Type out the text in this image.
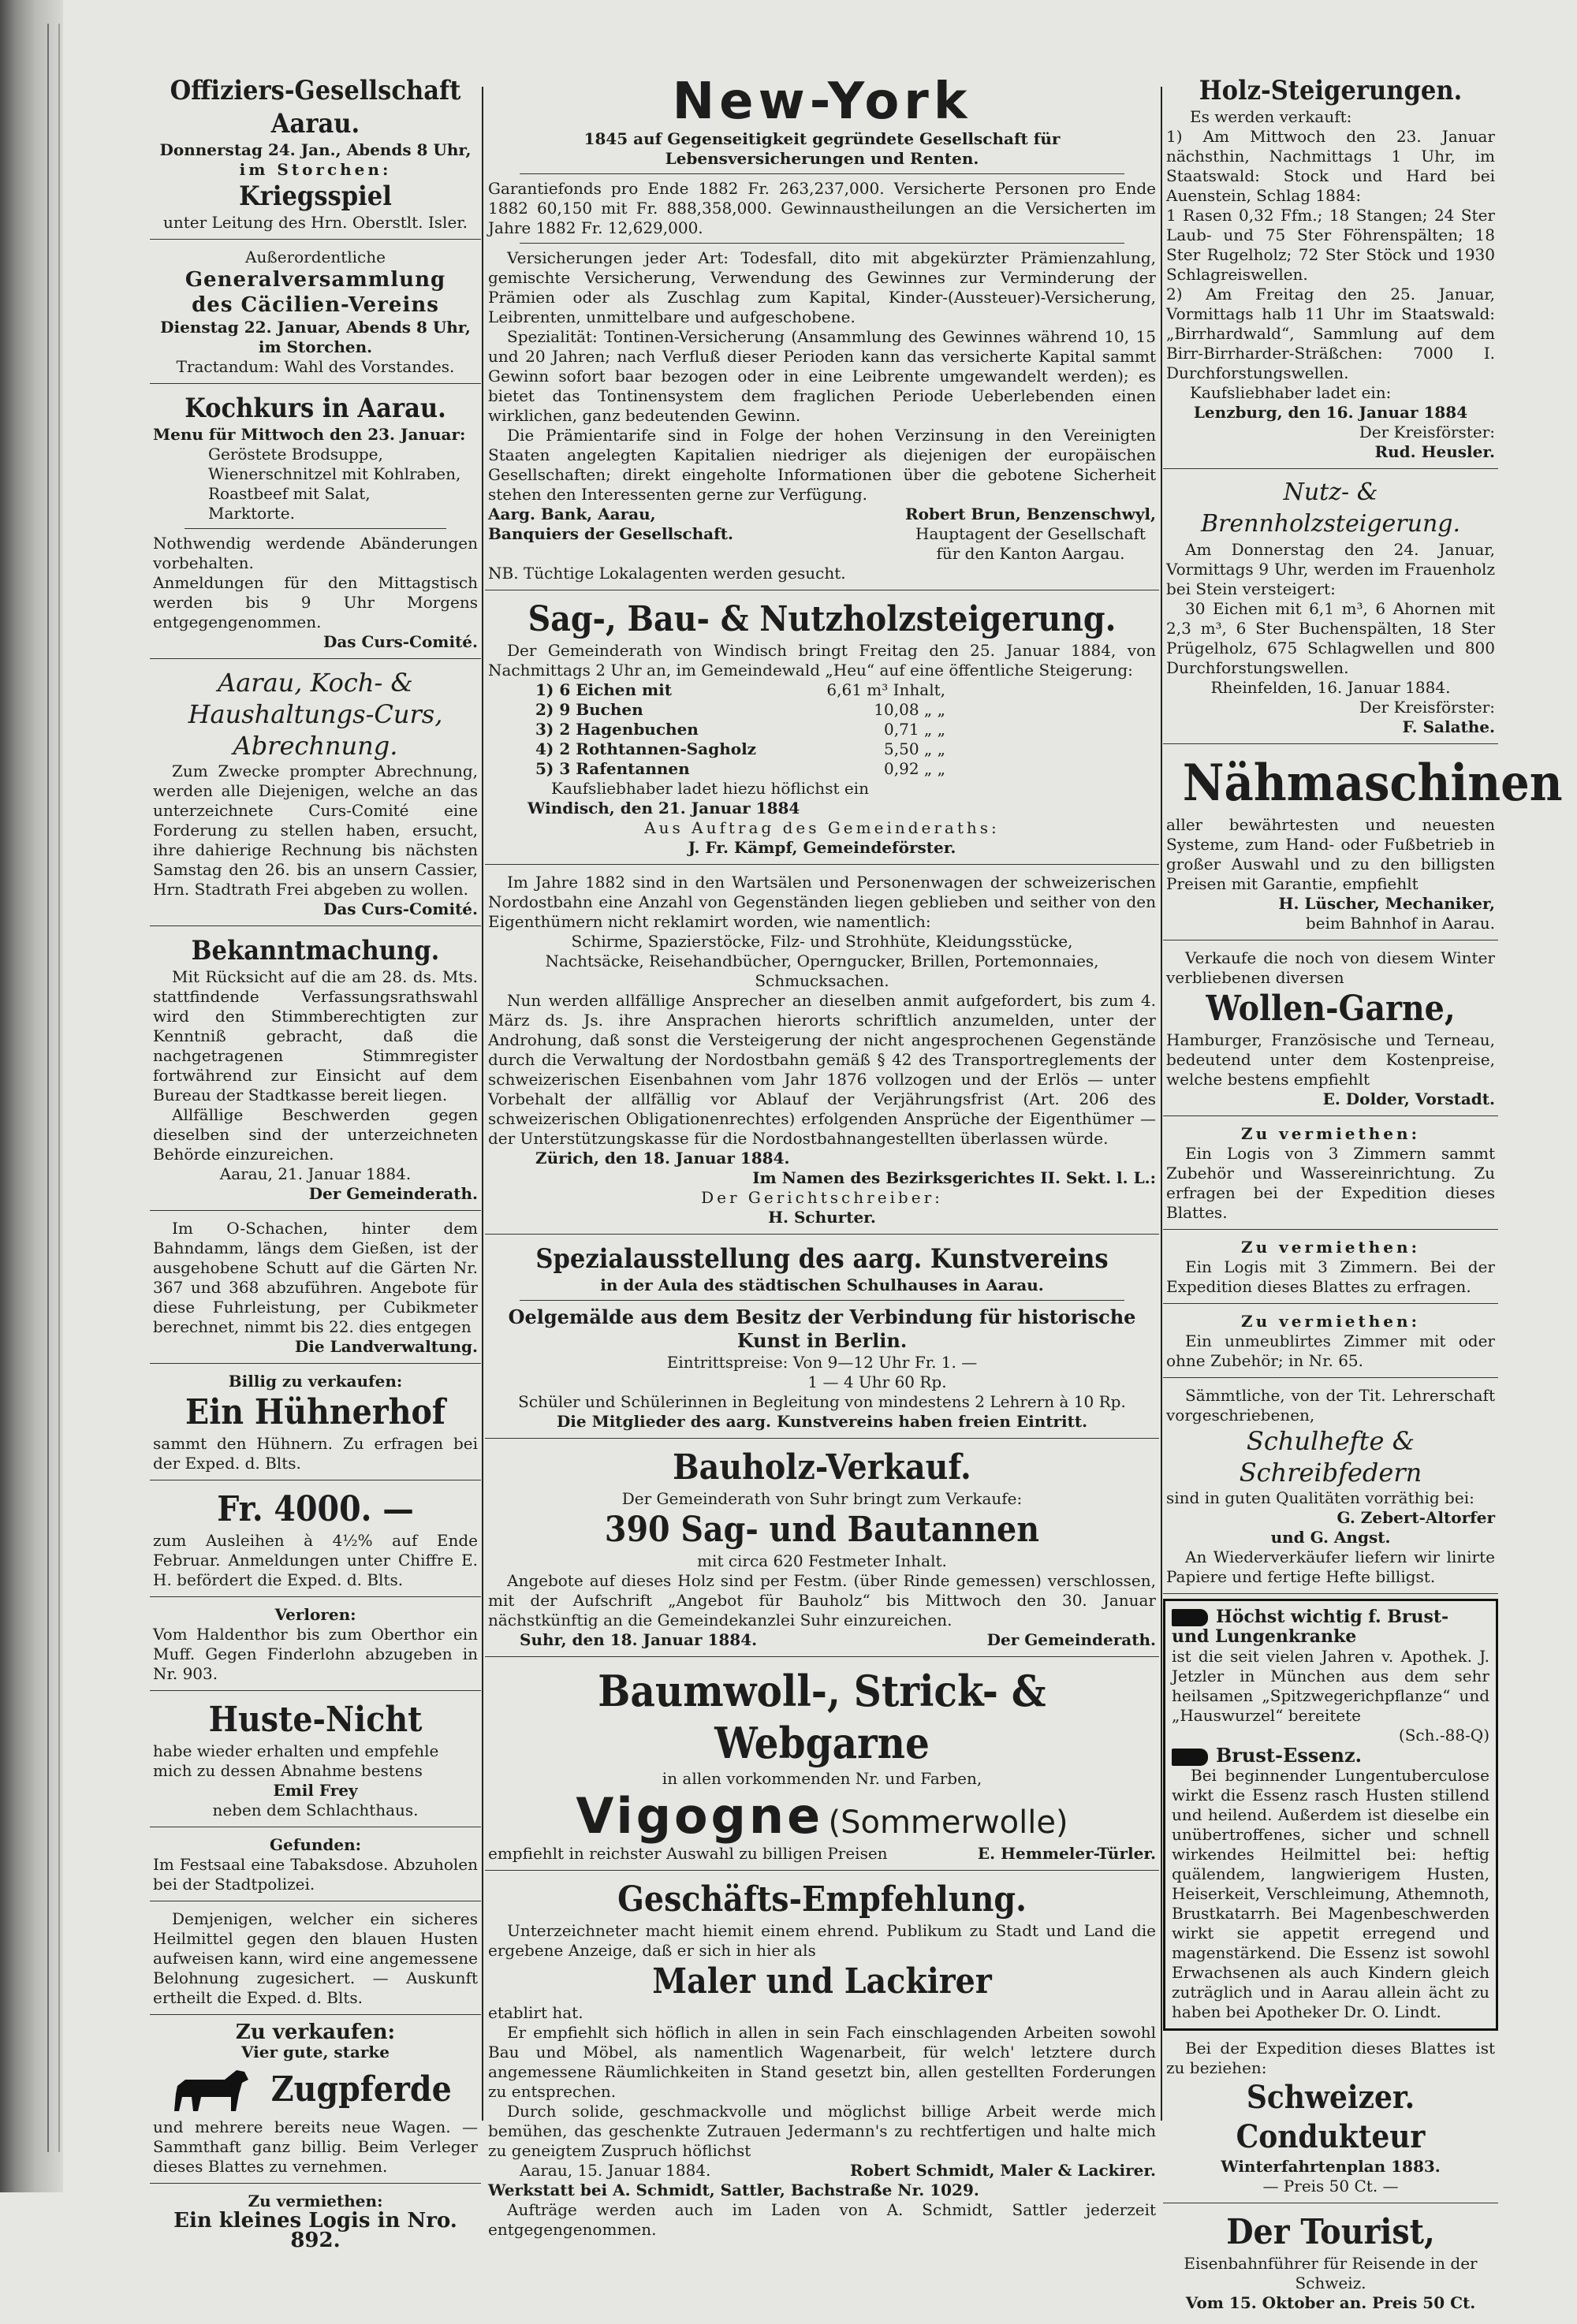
Offiziers-Gesellschaft Aarau.
Donnerstag 24. Jan., Abends 8 Uhr,
im Storchen:
Kriegsspiel
unter Leitung des Hrn. Oberstlt. Isler.
Außerordentliche
Generalversammlung
des Cäcilien-Vereins
Dienstag 22. Januar, Abends 8 Uhr,
im Storchen.
Tractandum: Wahl des Vorstandes.
Kochkurs in Aarau.
Menu für Mittwoch den 23. Januar:
Geröstete Brodsuppe,
Wienerschnitzel mit Kohlraben,
Roastbeef mit Salat,
Marktorte.
Nothwendig werdende Abänderungen vorbehalten.
Anmeldungen für den Mittagstisch werden bis 9 Uhr Morgens entgegengenommen.
Das Curs-Comité.
Aarau, Koch- & Haushaltungs-Curs, Abrechnung.
Zum Zwecke prompter Abrechnung, werden alle Diejenigen, welche an das unterzeichnete Curs-Comité eine Forderung zu stellen haben, ersucht, ihre dahierige Rechnung bis nächsten Samstag den 26. bis an unsern Cassier, Hrn. Stadtrath Frei abgeben zu wollen.
Das Curs-Comité.
Bekanntmachung.
Mit Rücksicht auf die am 28. ds. Mts. stattfindende Verfassungsrathswahl wird den Stimmberechtigten zur Kenntniß gebracht, daß die nachgetragenen Stimmregister fortwährend zur Einsicht auf dem Bureau der Stadtkasse bereit liegen.
Allfällige Beschwerden gegen dieselben sind der unterzeichneten Behörde einzureichen.
Aarau, 21. Januar 1884.
Der Gemeinderath.
Im O-Schachen, hinter dem Bahndamm, längs dem Gießen, ist der ausgehobene Schutt auf die Gärten Nr. 367 und 368 abzuführen. Angebote für diese Fuhrleistung, per Cubikmeter berechnet, nimmt bis 22. dies entgegen
Die Landverwaltung.
Billig zu verkaufen:
Ein Hühnerhof
sammt den Hühnern. Zu erfragen bei der Exped. d. Blts.
Fr. 4000. —
zum Ausleihen à 4½% auf Ende Februar. Anmeldungen unter Chiffre E. H. befördert die Exped. d. Blts.
Verloren:
Vom Haldenthor bis zum Oberthor ein Muff. Gegen Finderlohn abzugeben in Nr. 903.
Huste-Nicht
habe wieder erhalten und empfehle mich zu dessen Abnahme bestens
Emil Frey
neben dem Schlachthaus.
Gefunden:
Im Festsaal eine Tabaksdose. Abzuholen bei der Stadtpolizei.
Demjenigen, welcher ein sicheres Heilmittel gegen den blauen Husten aufweisen kann, wird eine angemessene Belohnung zugesichert. — Auskunft ertheilt die Exped. d. Blts.
Zu verkaufen:
Vier gute, starke
Zugpferde
und mehrere bereits neue Wagen. — Sammthaft ganz billig. Beim Verleger dieses Blattes zu vernehmen.
Zu vermiethen:
Ein kleines Logis in Nro. 892.
New-York
1845 auf Gegenseitigkeit gegründete Gesellschaft für Lebensversicherungen und Renten.
Garantiefonds pro Ende 1882 Fr. 263,237,000. Versicherte Personen pro Ende 1882 60,150 mit Fr. 888,358,000. Gewinnaustheilungen an die Versicherten im Jahre 1882 Fr. 12,629,000.
Versicherungen jeder Art: Todesfall, dito mit abgekürzter Prämienzahlung, gemischte Versicherung, Verwendung des Gewinnes zur Verminderung der Prämien oder als Zuschlag zum Kapital, Kinder-(Aussteuer)-Versicherung, Leibrenten, unmittelbare und aufgeschobene.
Spezialität: Tontinen-Versicherung (Ansammlung des Gewinnes während 10, 15 und 20 Jahren; nach Verfluß dieser Perioden kann das versicherte Kapital sammt Gewinn sofort baar bezogen oder in eine Leibrente umgewandelt werden); es bietet das Tontinensystem dem fraglichen Periode Ueberlebenden einen wirklichen, ganz bedeutenden Gewinn.
Die Prämientarife sind in Folge der hohen Verzinsung in den Vereinigten Staaten angelegten Kapitalien niedriger als diejenigen der europäischen Gesellschaften; direkt eingeholte Informationen über die gebotene Sicherheit stehen den Interessenten gerne zur Verfügung.
Aarg. Bank, Aarau,
Banquiers der Gesellschaft.
Robert Brun, Benzenschwyl,
Hauptagent der Gesellschaft
für den Kanton Aargau.
NB. Tüchtige Lokalagenten werden gesucht.
Sag-, Bau- & Nutzholzsteigerung.
Der Gemeinderath von Windisch bringt Freitag den 25. Januar 1884, von Nachmittags 2 Uhr an, im Gemeindewald „Heu“ auf eine öffentliche Steigerung:
1) 6 Eichen mit	6,61 m³ Inhalt,
2) 9 Buchen	10,08 „ „
3) 2 Hagenbuchen	0,71 „ „
4) 2 Rothtannen-Sagholz	5,50 „ „
5) 3 Rafentannen	0,92 „ „
Kaufsliebhaber ladet hiezu höflichst ein
Windisch, den 21. Januar 1884
Aus Auftrag des Gemeinderaths:
J. Fr. Kämpf, Gemeindeförster.
Im Jahre 1882 sind in den Wartsälen und Personenwagen der schweizerischen Nordostbahn eine Anzahl von Gegenständen liegen geblieben und seither von den Eigenthümern nicht reklamirt worden, wie namentlich:
Schirme, Spazierstöcke, Filz- und Strohhüte, Kleidungsstücke, Nachtsäcke, Reisehandbücher, Operngucker, Brillen, Portemonnaies, Schmucksachen.
Nun werden allfällige Ansprecher an dieselben anmit aufgefordert, bis zum 4. März ds. Js. ihre Ansprachen hierorts schriftlich anzumelden, unter der Androhung, daß sonst die Versteigerung der nicht angesprochenen Gegenstände durch die Verwaltung der Nordostbahn gemäß § 42 des Transportreglements der schweizerischen Eisenbahnen vom Jahr 1876 vollzogen und der Erlös — unter Vorbehalt der allfällig vor Ablauf der Verjährungsfrist (Art. 206 des schweizerischen Obligationenrechtes) erfolgenden Ansprüche der Eigenthümer — der Unterstützungskasse für die Nordostbahnangestellten überlassen würde.
Zürich, den 18. Januar 1884.
Im Namen des Bezirksgerichtes II. Sekt. l. L.:
Der Gerichtschreiber:
H. Schurter.
Spezialausstellung des aarg. Kunstvereins
in der Aula des städtischen Schulhauses in Aarau.
Oelgemälde aus dem Besitz der Verbindung für historische Kunst in Berlin.
Eintrittspreise: Von 9—12 Uhr Fr. 1. —
1 — 4 Uhr 60 Rp.
Schüler und Schülerinnen in Begleitung von mindestens 2 Lehrern à 10 Rp.
Die Mitglieder des aarg. Kunstvereins haben freien Eintritt.
Bauholz-Verkauf.
Der Gemeinderath von Suhr bringt zum Verkaufe:
390 Sag- und Bautannen
mit circa 620 Festmeter Inhalt.
Angebote auf dieses Holz sind per Festm. (über Rinde gemessen) verschlossen, mit der Aufschrift „Angebot für Bauholz“ bis Mittwoch den 30. Januar nächstkünftig an die Gemeindekanzlei Suhr einzureichen.
Suhr, den 18. Januar 1884.	Der Gemeinderath.
Baumwoll-, Strick- & Webgarne
in allen vorkommenden Nr. und Farben,
Vigogne (Sommerwolle)
empfiehlt in reichster Auswahl zu billigen Preisen	E. Hemmeler-Türler.
Geschäfts-Empfehlung.
Unterzeichneter macht hiemit einem ehrend. Publikum zu Stadt und Land die ergebene Anzeige, daß er sich in hier als
Maler und Lackirer
etablirt hat.
Er empfiehlt sich höflich in allen in sein Fach einschlagenden Arbeiten sowohl Bau und Möbel, als namentlich Wagenarbeit, für welch' letztere durch angemessene Räumlichkeiten in Stand gesetzt bin, allen gestellten Forderungen zu entsprechen.
Durch solide, geschmackvolle und möglichst billige Arbeit werde mich bemühen, das geschenkte Zutrauen Jedermann's zu rechtfertigen und halte mich zu geneigtem Zuspruch höflichst
Aarau, 15. Januar 1884.	Robert Schmidt, Maler & Lackirer.
Werkstatt bei A. Schmidt, Sattler, Bachstraße Nr. 1029.
Aufträge werden auch im Laden von A. Schmidt, Sattler jederzeit entgegengenommen.
Holz-Steigerungen.
Es werden verkauft:
1) Am Mittwoch den 23. Januar nächsthin, Nachmittags 1 Uhr, im Staatswald: Stock und Hard bei Auenstein, Schlag 1884:
1 Rasen 0,32 Ffm.; 18 Stangen; 24 Ster Laub- und 75 Ster Föhrenspälten; 18 Ster Rugelholz; 72 Ster Stöck und 1930 Schlagreiswellen.
2) Am Freitag den 25. Januar, Vormittags halb 11 Uhr im Staatswald: „Birrhardwald“, Sammlung auf dem Birr-Birrharder-Sträßchen: 7000 I. Durchforstungswellen.
Kaufsliebhaber ladet ein:
Lenzburg, den 16. Januar 1884
Der Kreisförster:
Rud. Heusler.
Nutz- & Brennholzsteigerung.
Am Donnerstag den 24. Januar, Vormittags 9 Uhr, werden im Frauenholz bei Stein versteigert:
30 Eichen mit 6,1 m³, 6 Ahornen mit 2,3 m³, 6 Ster Buchenspälten, 18 Ster Prügelholz, 675 Schlagwellen und 800 Durchforstungswellen.
Rheinfelden, 16. Januar 1884.
Der Kreisförster:
F. Salathe.
Nähmaschinen
aller bewährtesten und neuesten Systeme, zum Hand- oder Fußbetrieb in großer Auswahl und zu den billigsten Preisen mit Garantie, empfiehlt
H. Lüscher, Mechaniker,
beim Bahnhof in Aarau.
Verkaufe die noch von diesem Winter verbliebenen diversen
Wollen-Garne,
Hamburger, Französische und Terneau, bedeutend unter dem Kostenpreise, welche bestens empfiehlt
E. Dolder, Vorstadt.
Zu vermiethen:
Ein Logis von 3 Zimmern sammt Zubehör und Wassereinrichtung. Zu erfragen bei der Expedition dieses Blattes.
Zu vermiethen:
Ein Logis mit 3 Zimmern. Bei der Expedition dieses Blattes zu erfragen.
Zu vermiethen:
Ein unmeublirtes Zimmer mit oder ohne Zubehör; in Nr. 65.
Sämmtliche, von der Tit. Lehrerschaft vorgeschriebenen,
Schulhefte & Schreibfedern
sind in guten Qualitäten vorräthig bei:
G. Zebert-Altorfer
und G. Angst.
An Wiederverkäufer liefern wir linirte Papiere und fertige Hefte billigst.
Höchst wichtig f. Brust- und Lungenkranke
ist die seit vielen Jahren v. Apothek. J. Jetzler in München aus dem sehr heilsamen „Spitzwegerichpflanze“ und „Hauswurzel“ bereitete
(Sch.-88-Q)
Brust-Essenz.
Bei beginnender Lungentuberculose wirkt die Essenz rasch Husten stillend und heilend. Außerdem ist dieselbe ein unübertroffenes, sicher und schnell wirkendes Heilmittel bei: heftig quälendem, langwierigem Husten, Heiserkeit, Verschleimung, Athemnoth, Brustkatarrh. Bei Magenbeschwerden wirkt sie appetit erregend und magenstärkend. Die Essenz ist sowohl Erwachsenen als auch Kindern gleich zuträglich und in Aarau allein ächt zu haben bei Apotheker Dr. O. Lindt.
Bei der Expedition dieses Blattes ist zu beziehen:
Schweizer. Condukteur
Winterfahrtenplan 1883.
— Preis 50 Ct. —
Der Tourist,
Eisenbahnführer für Reisende in der Schweiz.
Vom 15. Oktober an. Preis 50 Ct.
